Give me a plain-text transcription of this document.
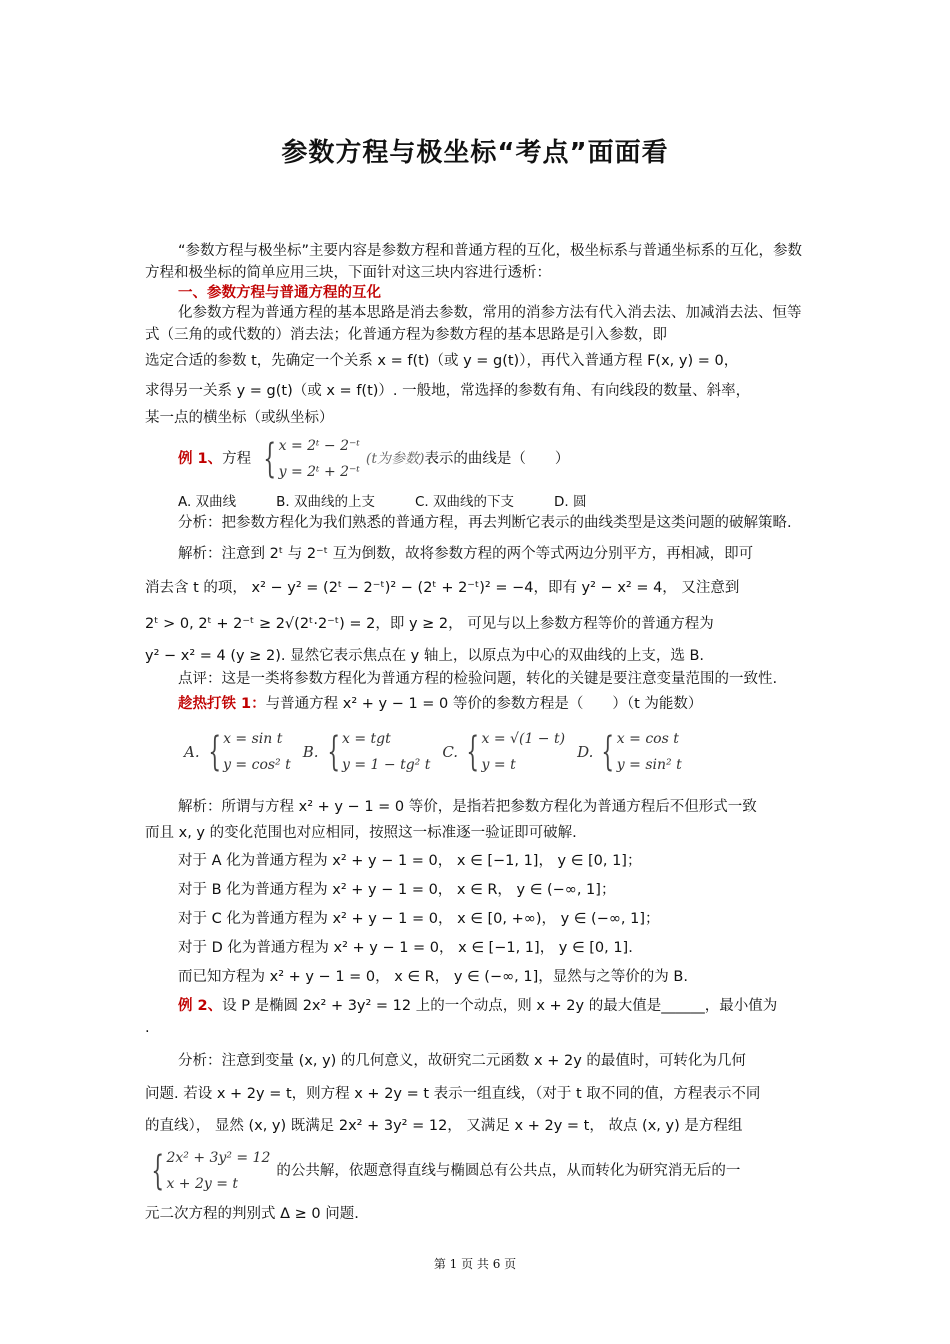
参数方程与极坐标“考点”面面看

“参数方程与极坐标”主要内容是参数方程和普通方程的互化，极坐标系与普通坐标系的互化，参数方程和极坐标的简单应用三块，下面针对这三块内容进行透析：

一、参数方程与普通方程的互化

化参数方程为普通方程的基本思路是消去参数，常用的消参方法有代入消去法、加减消去法、恒等式（三角的或代数的）消去法；化普通方程为参数方程的基本思路是引入参数，即

选定合适的参数 t，先确定一个关系 x = f(t)（或 y = g(t)），再代入普通方程 F(x, y) = 0，
求得另一关系 y = g(t)（或 x = f(t)）. 一般地，常选择的参数有角、有向线段的数量、斜率，
某一点的横坐标（或纵坐标）
例 1、 方程 { x = 2ᵗ − 2⁻ᵗ
y = 2ᵗ + 2⁻ᵗ
(t为参数) 表示的曲线是（　　）
A. 双曲线	B. 双曲线的上支	C. 双曲线的下支	D. 圆

分析：把参数方程化为我们熟悉的普通方程，再去判断它表示的曲线类型是这类问题的破解策略.

解析：注意到 2ᵗ 与 2⁻ᵗ 互为倒数，故将参数方程的两个等式两边分别平方，再相减，即可
消去含 t 的项， x² − y² = (2ᵗ − 2⁻ᵗ)² − (2ᵗ + 2⁻ᵗ)² = −4，即有 y² − x² = 4， 又注意到
2ᵗ > 0, 2ᵗ + 2⁻ᵗ ≥ 2√(2ᵗ·2⁻ᵗ) = 2，即 y ≥ 2， 可见与以上参数方程等价的普通方程为
y² − x² = 4 (y ≥ 2). 显然它表示焦点在 y 轴上，以原点为中心的双曲线的上支，选 B.

点评：这是一类将参数方程化为普通方程的检验问题，转化的关键是要注意变量范围的一致性.

趁热打铁 1：与普通方程 x² + y − 1 = 0 等价的参数方程是（　　）（t 为能数）
A. { x = sin t
y = cos² t
B. { x = tgt
y = 1 − tg² t
C. { x = √(1 − t)
y = t
D. { x = cos t
y = sin² t
解析：所谓与方程 x² + y − 1 = 0 等价，是指若把参数方程化为普通方程后不但形式一致
而且 x, y 的变化范围也对应相同，按照这一标准逐一验证即可破解.
对于 A 化为普通方程为 x² + y − 1 = 0， x ∈ [−1, 1]， y ∈ [0, 1]；
对于 B 化为普通方程为 x² + y − 1 = 0， x ∈ R， y ∈ (−∞, 1]；
对于 C 化为普通方程为 x² + y − 1 = 0， x ∈ [0, +∞)， y ∈ (−∞, 1]；
对于 D 化为普通方程为 x² + y − 1 = 0， x ∈ [−1, 1]， y ∈ [0, 1].
而已知方程为 x² + y − 1 = 0， x ∈ R， y ∈ (−∞, 1]，显然与之等价的为 B.
例 2、设 P 是椭圆 2x² + 3y² = 12 上的一个动点，则 x + 2y 的最大值是______，最小值为
.
分析：注意到变量 (x, y) 的几何意义，故研究二元函数 x + 2y 的最值时，可转化为几何
问题. 若设 x + 2y = t，则方程 x + 2y = t 表示一组直线，（对于 t 取不同的值，方程表示不同
的直线）， 显然 (x, y) 既满足 2x² + 3y² = 12， 又满足 x + 2y = t， 故点 (x, y) 是方程组
{ 2x² + 3y² = 12
x + 2y = t
的公共解，依题意得直线与椭圆总有公共点，从而转化为研究消无后的一
元二次方程的判别式 Δ ≥ 0 问题.
第 1 页 共 6 页
